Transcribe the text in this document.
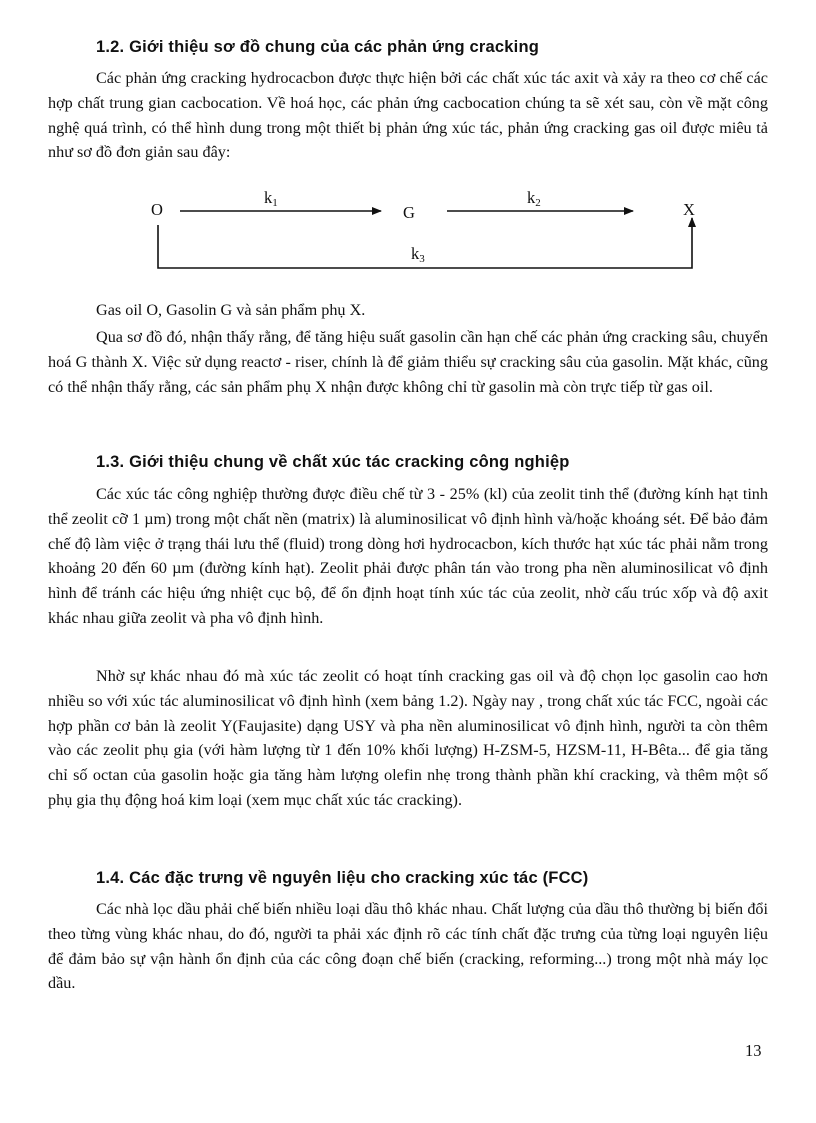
1.2. Giới thiệu sơ đồ chung của các phản ứng cracking

Các phản ứng cracking hydrocacbon được thực hiện bởi các chất xúc tác axit và xảy ra theo cơ chế các hợp chất trung gian cacbocation. Về hoá học, các phản ứng cacbocation chúng ta sẽ xét sau, còn về mặt công nghệ quá trình, có thể hình dung trong một thiết bị phản ứng xúc tác, phản ứng cracking gas oil được miêu tả như sơ đồ đơn giản sau đây:

O	G	X
$k_1$	$k_2$
$k_3$

Gas oil O, Gasolin G và sản phẩm phụ X.

Qua sơ đồ đó, nhận thấy rằng, để tăng hiệu suất gasolin cần hạn chế các phản ứng cracking sâu, chuyển hoá G thành X. Việc sử dụng reactơ - riser, chính là để giảm thiểu sự cracking sâu của gasolin. Mặt khác, cũng có thể nhận thấy rằng, các sản phẩm phụ X nhận được không chỉ từ gasolin mà còn trực tiếp từ gas oil.

1.3. Giới thiệu chung về chất xúc tác cracking công nghiệp

Các xúc tác công nghiệp thường được điều chế từ 3 - 25% (kl) của zeolit tinh thể (đường kính hạt tinh thể zeolit cỡ 1 µm) trong một chất nền (matrix) là aluminosilicat vô định hình và/hoặc khoáng sét. Để bảo đảm chế độ làm việc ở trạng thái lưu thể (fluid) trong dòng hơi hydrocacbon, kích thước hạt xúc tác phải nằm trong khoảng 20 đến 60 µm (đường kính hạt). Zeolit phải được phân tán vào trong pha nền aluminosilicat vô định hình để tránh các hiệu ứng nhiệt cục bộ, để ổn định hoạt tính xúc tác của zeolit, nhờ cấu trúc xốp và độ axit khác nhau giữa zeolit và pha vô định hình.

Nhờ sự khác nhau đó mà xúc tác zeolit có hoạt tính cracking gas oil và độ chọn lọc gasolin cao hơn nhiều so với xúc tác aluminosilicat vô định hình (xem bảng 1.2). Ngày nay , trong chất xúc tác FCC, ngoài các hợp phần cơ bản là zeolit Y(Faujasite) dạng USY và pha nền aluminosilicat vô định hình, người ta còn thêm vào các zeolit phụ gia (với hàm lượng từ 1 đến 10% khối lượng) H-ZSM-5, HZSM-11, H-Bêta... để gia tăng chỉ số octan của gasolin hoặc gia tăng hàm lượng olefin nhẹ trong thành phần khí cracking, và thêm một số phụ gia thụ động hoá kim loại (xem mục chất xúc tác cracking).

1.4. Các đặc trưng về nguyên liệu cho cracking xúc tác (FCC)

Các nhà lọc dầu phải chế biến nhiều loại dầu thô khác nhau. Chất lượng của dầu thô thường bị biến đổi theo từng vùng khác nhau, do đó, người ta phải xác định rõ các tính chất đặc trưng của từng loại nguyên liệu để đảm bảo sự vận hành ổn định của các công đoạn chế biến (cracking, reforming...) trong một nhà máy lọc dầu.

13
